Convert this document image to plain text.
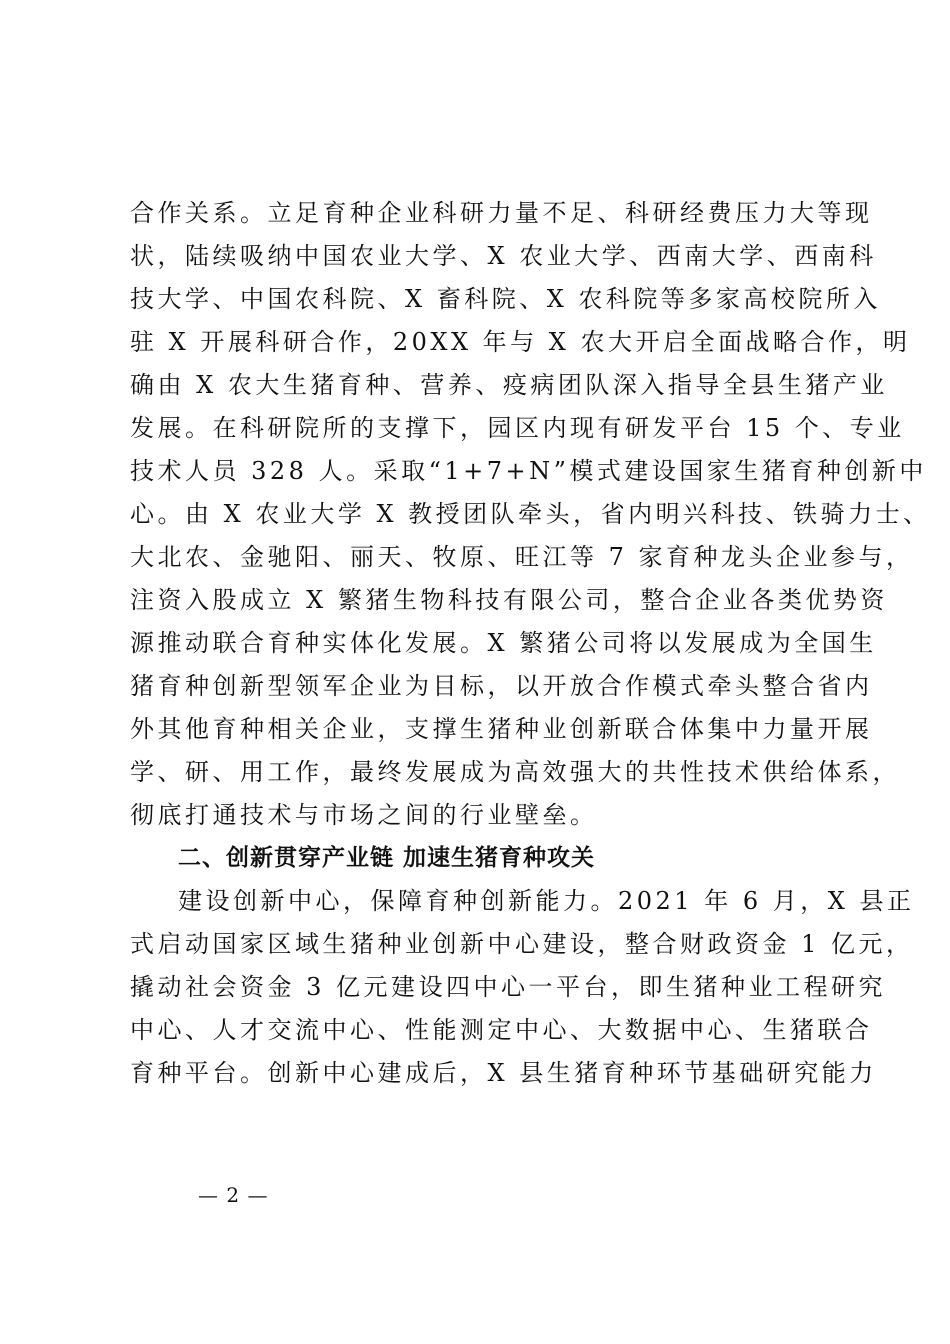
合作关系。立足育种企业科研力量不足、科研经费压力大等现
状，陆续吸纳中国农业大学、X 农业大学、西南大学、西南科
技大学、中国农科院、X 畜科院、X 农科院等多家高校院所入
驻 X 开展科研合作，20XX 年与 X 农大开启全面战略合作，明
确由 X 农大生猪育种、营养、疫病团队深入指导全县生猪产业
发展。在科研院所的支撑下，园区内现有研发平台 15 个、专业
技术人员 328 人。采取“1+7+N”模式建设国家生猪育种创新中
心。由 X 农业大学 X 教授团队牵头，省内明兴科技、铁骑力士、
大北农、金驰阳、丽天、牧原、旺江等 7 家育种龙头企业参与，
注资入股成立 X 繁猪生物科技有限公司，整合企业各类优势资
源推动联合育种实体化发展。X 繁猪公司将以发展成为全国生
猪育种创新型领军企业为目标，以开放合作模式牵头整合省内
外其他育种相关企业，支撑生猪种业创新联合体集中力量开展
学、研、用工作，最终发展成为高效强大的共性技术供给体系，
彻底打通技术与市场之间的行业壁垒。
二、创新贯穿产业链 加速生猪育种攻关
建设创新中心，保障育种创新能力。2021 年 6 月，X 县正
式启动国家区域生猪种业创新中心建设，整合财政资金 1 亿元，
撬动社会资金 3 亿元建设四中心一平台，即生猪种业工程研究
中心、人才交流中心、性能测定中心、大数据中心、生猪联合
育种平台。创新中心建成后，X 县生猪育种环节基础研究能力
— 2 —
